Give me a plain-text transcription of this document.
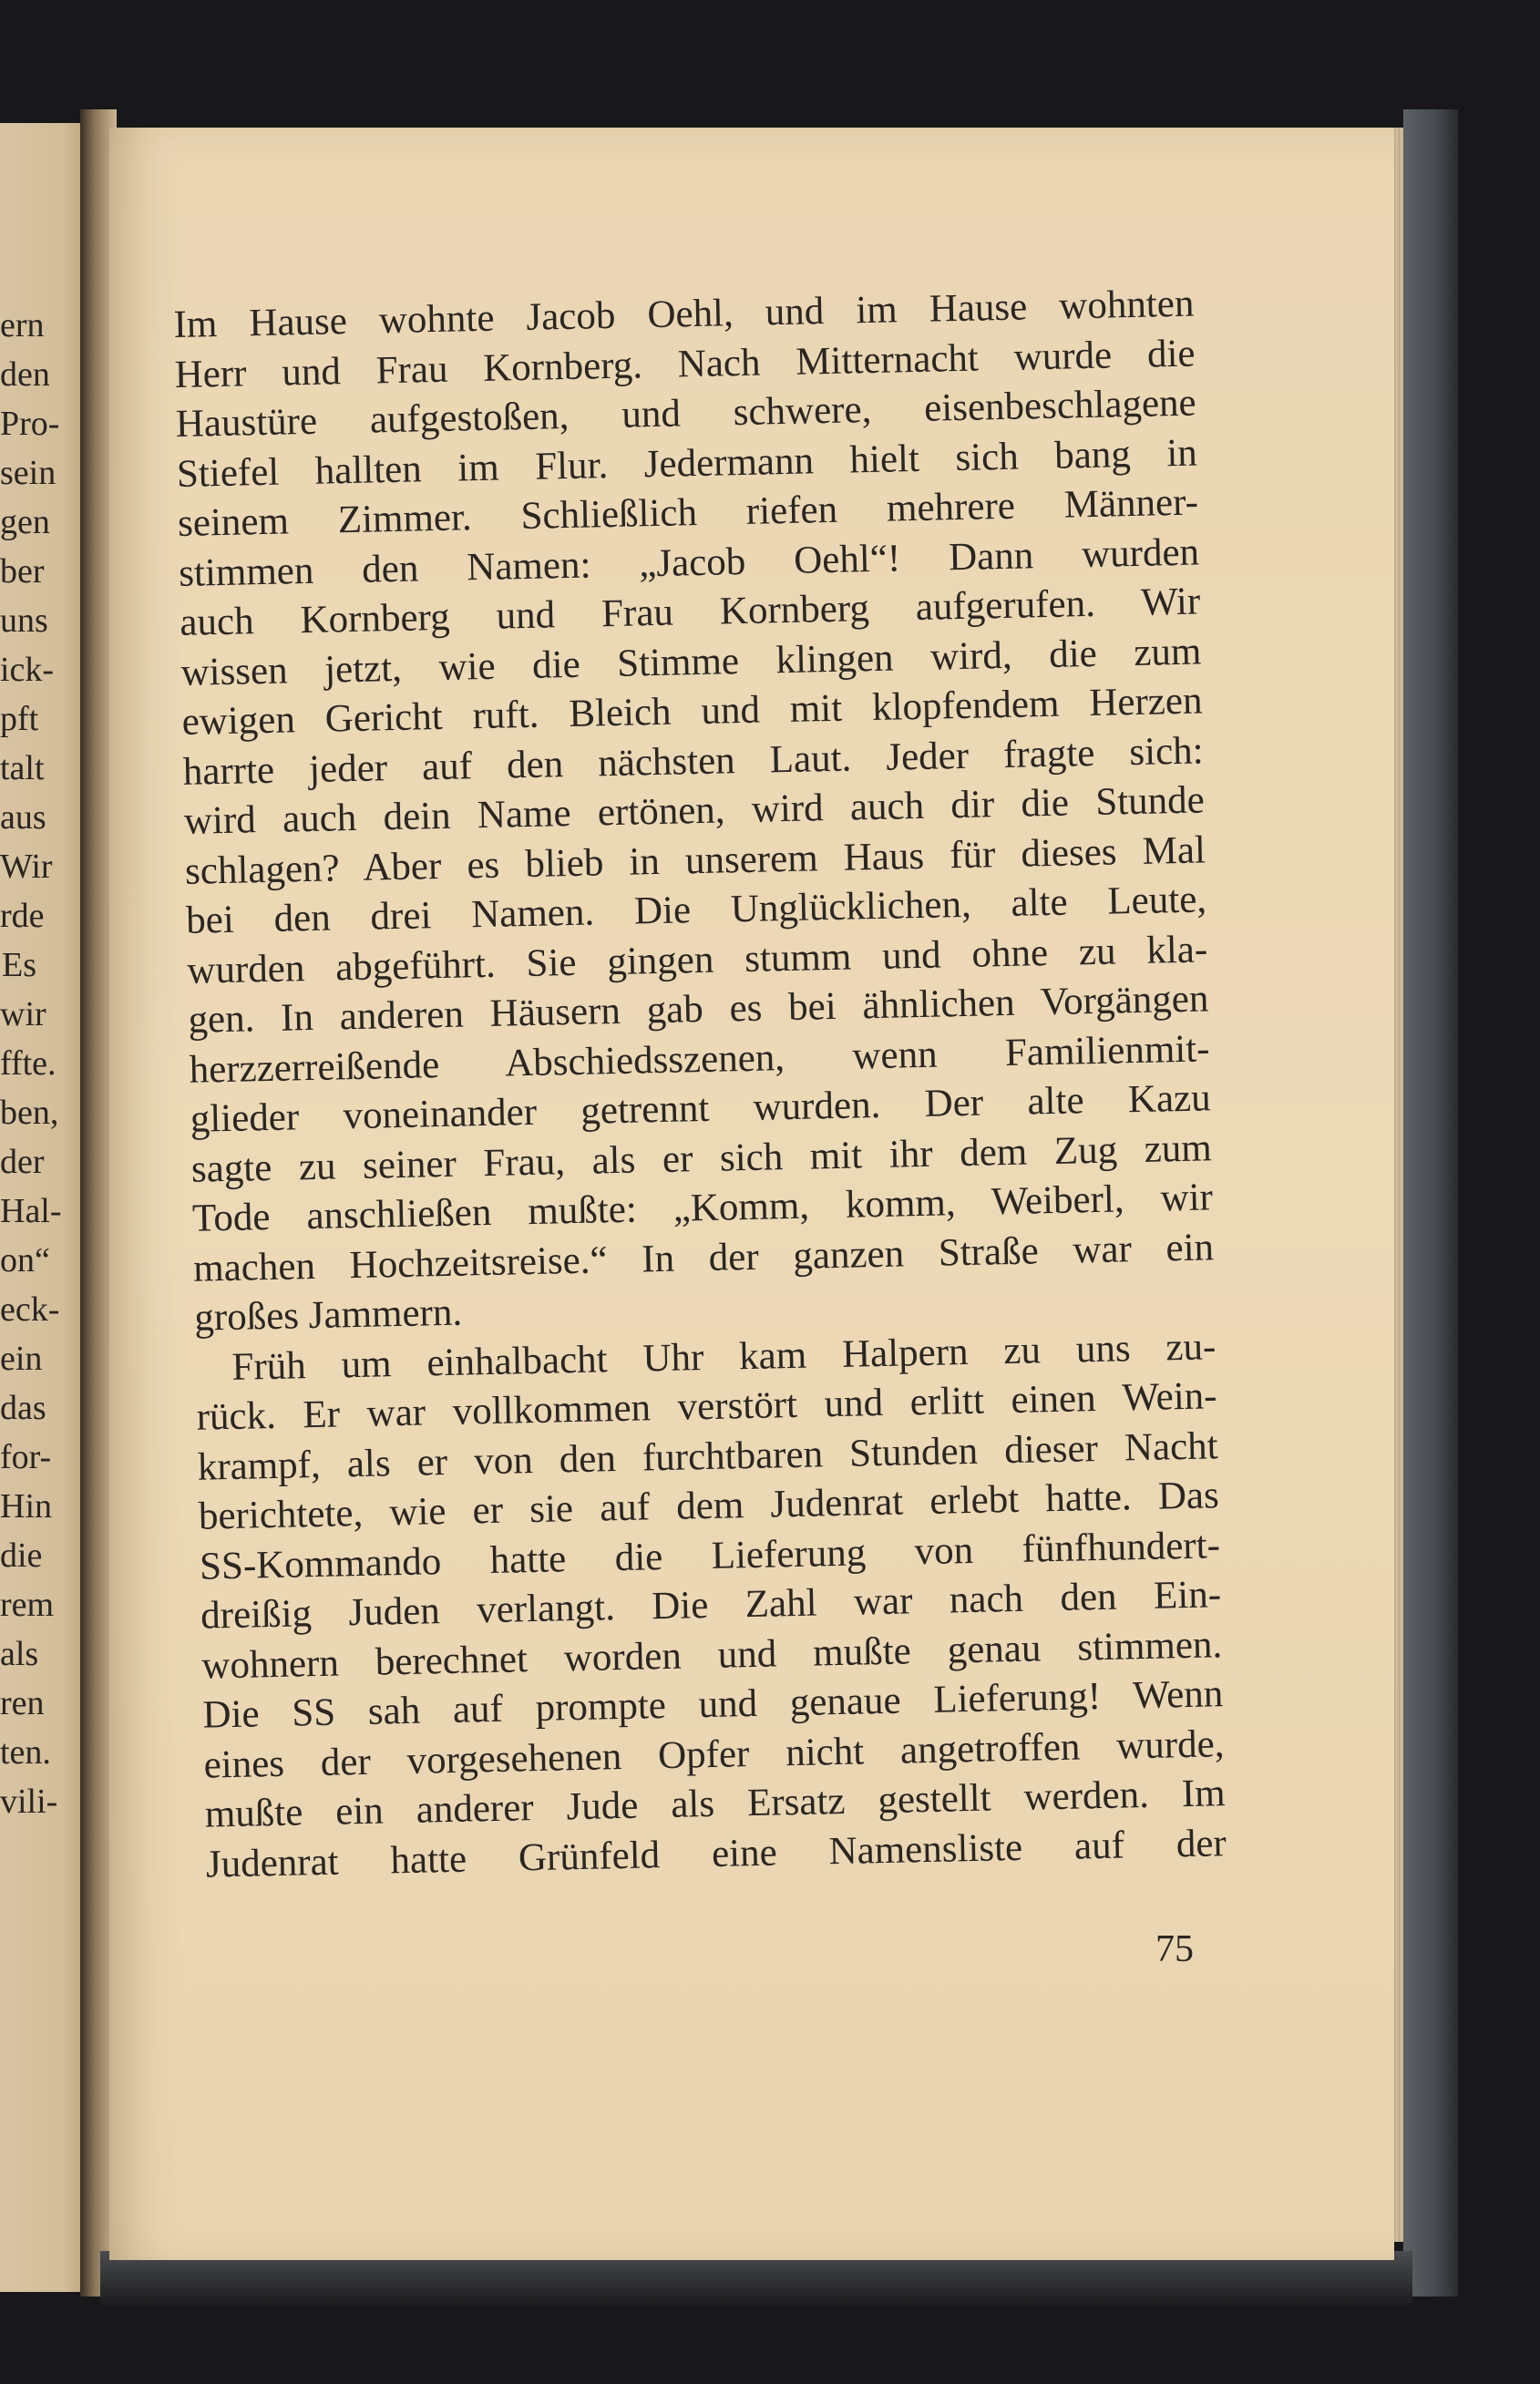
ern
den
Pro-
sein
gen
ber
uns
ick-
pft
talt
aus
Wir
rde
Es
wir
ffte.
ben,
der
Hal-
on“
eck-
ein
das
for-
Hin
die
rem
als
ren
ten.
vili-
Im Hause wohnte Jacob Oehl, und im Hause wohnten
Herr und Frau Kornberg. Nach Mitternacht wurde die
Haustüre aufgestoßen, und schwere, eisenbeschlagene
Stiefel hallten im Flur. Jedermann hielt sich bang in
seinem Zimmer. Schließlich riefen mehrere Männer-
stimmen den Namen: „Jacob Oehl“! Dann wurden
auch Kornberg und Frau Kornberg aufgerufen. Wir
wissen jetzt, wie die Stimme klingen wird, die zum
ewigen Gericht ruft. Bleich und mit klopfendem Herzen
harrte jeder auf den nächsten Laut. Jeder fragte sich:
wird auch dein Name ertönen, wird auch dir die Stunde
schlagen? Aber es blieb in unserem Haus für dieses Mal
bei den drei Namen. Die Unglücklichen, alte Leute,
wurden abgeführt. Sie gingen stumm und ohne zu kla-
gen. In anderen Häusern gab es bei ähnlichen Vorgängen
herzzerreißende Abschiedsszenen, wenn Familienmit-
glieder voneinander getrennt wurden. Der alte Kazu
sagte zu seiner Frau, als er sich mit ihr dem Zug zum
Tode anschließen mußte: „Komm, komm, Weiberl, wir
machen Hochzeitsreise.“ In der ganzen Straße war ein
großes Jammern.
Früh um einhalbacht Uhr kam Halpern zu uns zu-
rück. Er war vollkommen verstört und erlitt einen Wein-
krampf, als er von den furchtbaren Stunden dieser Nacht
berichtete, wie er sie auf dem Judenrat erlebt hatte. Das
SS-Kommando hatte die Lieferung von fünfhundert-
dreißig Juden verlangt. Die Zahl war nach den Ein-
wohnern berechnet worden und mußte genau stimmen.
Die SS sah auf prompte und genaue Lieferung! Wenn
eines der vorgesehenen Opfer nicht angetroffen wurde,
mußte ein anderer Jude als Ersatz gestellt werden. Im
Judenrat hatte Grünfeld eine Namensliste auf der
75
